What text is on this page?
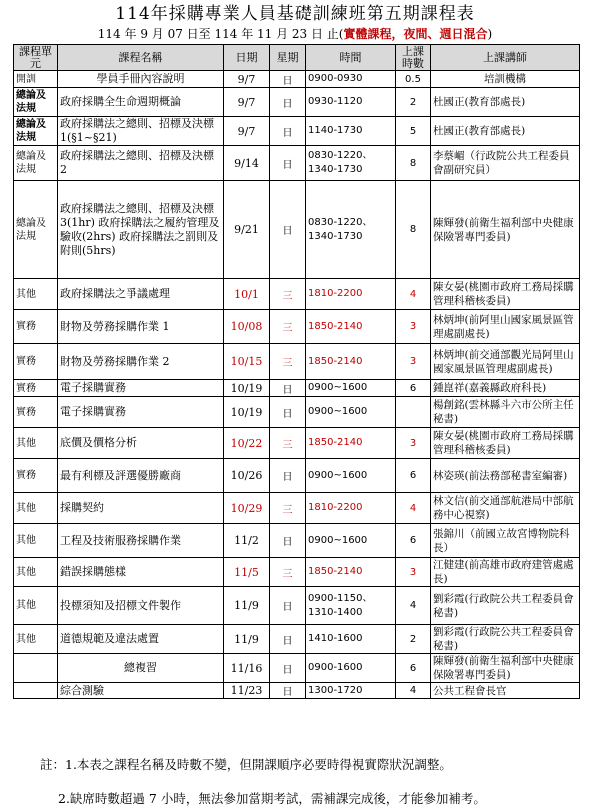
114年採購專業人員基礎訓練班第五期課程表
114 年 9 月 07 日至 114 年 11 月 23 日 止(實體課程，夜間、週日混合)
課程單元	課程名稱	日期	星期	時間	上課時數	上課講師
開訓	學員手冊內容說明	9/7	日	0900-0930	0.5	培訓機構
總論及法規	政府採購全生命週期概論	9/7	日	0930-1120	2	杜國正(教育部處長)
總論及法規	政府採購法之總則、招標及決標 1(§1~§21)	9/7	日	1140-1730	5	杜國正(教育部處長)
總論及法規	政府採購法之總則、招標及決標 2	9/14	日	0830-1220、1340-1730	8	李蔡嵋（行政院公共工程委員會副研究員）
總論及法規	政府採購法之總則、招標及決標 3(1hr) 政府採購法之履約管理及驗收(2hrs) 政府採購法之罰則及附則(5hrs)	9/21	日	0830-1220、1340-1730	8	陳輝發(前衛生福利部中央健康保險署專門委員)
其他	政府採購法之爭議處理	10/1	三	1810-2200	4	陳女晏(桃園市政府工務局採購管理科稽核委員)
實務	財物及勞務採購作業 1	10/08	三	1850-2140	3	林炳坤(前阿里山國家風景區管理處副處長)
實務	財物及勞務採購作業 2	10/15	三	1850-2140	3	林炳坤(前交通部觀光局阿里山國家風景區管理處副處長)
實務	電子採購實務	10/19	日	0900~1600	6	鍾崑祥(嘉義縣政府科長)
實務	電子採購實務	10/19	日	0900~1600		楊創銘(雲林縣斗六市公所主任秘書)
其他	底價及價格分析	10/22	三	1850-2140	3	陳女晏(桃園市政府工務局採購管理科稽核委員)
實務	最有利標及評選優勝廠商	10/26	日	0900~1600	6	林姿瑛(前法務部秘書室編審)
其他	採購契約	10/29	三	1810-2200	4	林文信(前交通部航港局中部航務中心視察)
其他	工程及技術服務採購作業	11/2	日	0900~1600	6	張錦川（前國立故宮博物院科長）
其他	錯誤採購態樣	11/5	三	1850-2140	3	江健建(前高雄市政府建管處處長)
其他	投標須知及招標文件製作	11/9	日	0900-1150、1310-1400	4	劉彩霞(行政院公共工程委員會秘書)
其他	道德規範及違法處置	11/9	日	1410-1600	2	劉彩霞(行政院公共工程委員會秘書)
	總複習	11/16	日	0900-1600	6	陳輝發(前衛生福利部中央健康保險署專門委員)
	綜合測驗	11/23	日	1300-1720	4	公共工程會長官
註：1.本表之課程名稱及時數不變，但開課順序必要時得視實際狀況調整。
2.缺席時數超過 7 小時，無法參加當期考試，需補課完成後，才能參加補考。
